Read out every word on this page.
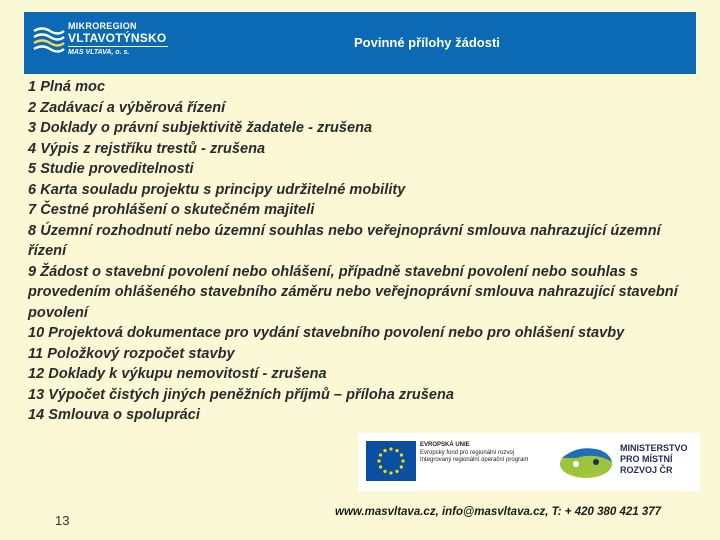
MIKROREGION
VLTAVOTÝNSKO
MAS VLTAVA, o. s.
Povinné přílohy žádosti
1 Plná moc
2 Zadávací a výběrová řízení
3 Doklady o právní subjektivitě žadatele - zrušena
4 Výpis z rejstříku trestů - zrušena
5 Studie proveditelnosti
6 Karta souladu projektu s principy udržitelné mobility
7 Čestné prohlášení o skutečném majiteli
8 Územní rozhodnutí nebo územní souhlas nebo veřejnoprávní smlouva nahrazující územní řízení
9 Žádost o stavební povolení nebo ohlášení, případně stavební povolení nebo souhlas s provedením ohlášeného stavebního záměru nebo veřejnoprávní smlouva nahrazující stavební povolení
10 Projektová dokumentace pro vydání stavebního povolení nebo pro ohlášení stavby
11 Položkový rozpočet stavby
12 Doklady k výkupu nemovitostí - zrušena
13 Výpočet čistých jiných peněžních příjmů – příloha zrušena
14 Smlouva o spolupráci
EVROPSKÁ UNIE
Evropský fond pro regionální rozvoj
Integrovaný regionální operační program
MINISTERSTVO
PRO MÍSTNÍ
ROZVOJ ČR
13
www.masvltava.cz, info@masvltava.cz, T: + 420 380 421 377
